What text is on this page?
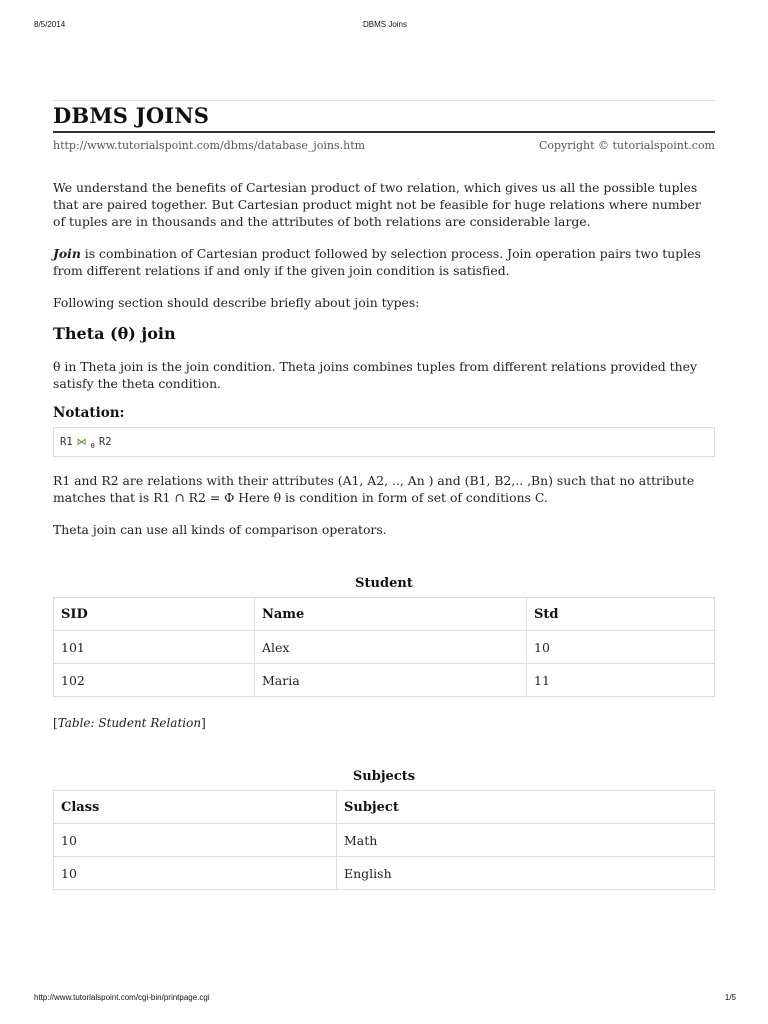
8/5/2014	DBMS Joins
DBMS JOINS
http://www.tutorialspoint.com/dbms/database_joins.htm	Copyright © tutorialspoint.com

We understand the benefits of Cartesian product of two relation, which gives us all the possible tuples that are paired together. But Cartesian product might not be feasible for huge relations where number of tuples are in thousands and the attributes of both relations are considerable large.

Join is combination of Cartesian product followed by selection process. Join operation pairs two tuples from different relations if and only if the given join condition is satisfied.

Following section should describe briefly about join types:

Theta (θ) join

θ in Theta join is the join condition. Theta joins combines tuples from different relations provided they satisfy the theta condition.

Notation:
R1 ⋈ θ R2

R1 and R2 are relations with their attributes (A1, A2, .., An ) and (B1, B2,.. ,Bn) such that no attribute matches that is R1 ∩ R2 = Φ Here θ is condition in form of set of conditions C.

Theta join can use all kinds of comparison operators.

Student
SID	Name	Std
101	Alex	10
102	Maria	11

[Table: Student Relation]

Subjects
Class	Subject
10	Math
10	English
http://www.tutorialspoint.com/cgi-bin/printpage.cgi	1/5
